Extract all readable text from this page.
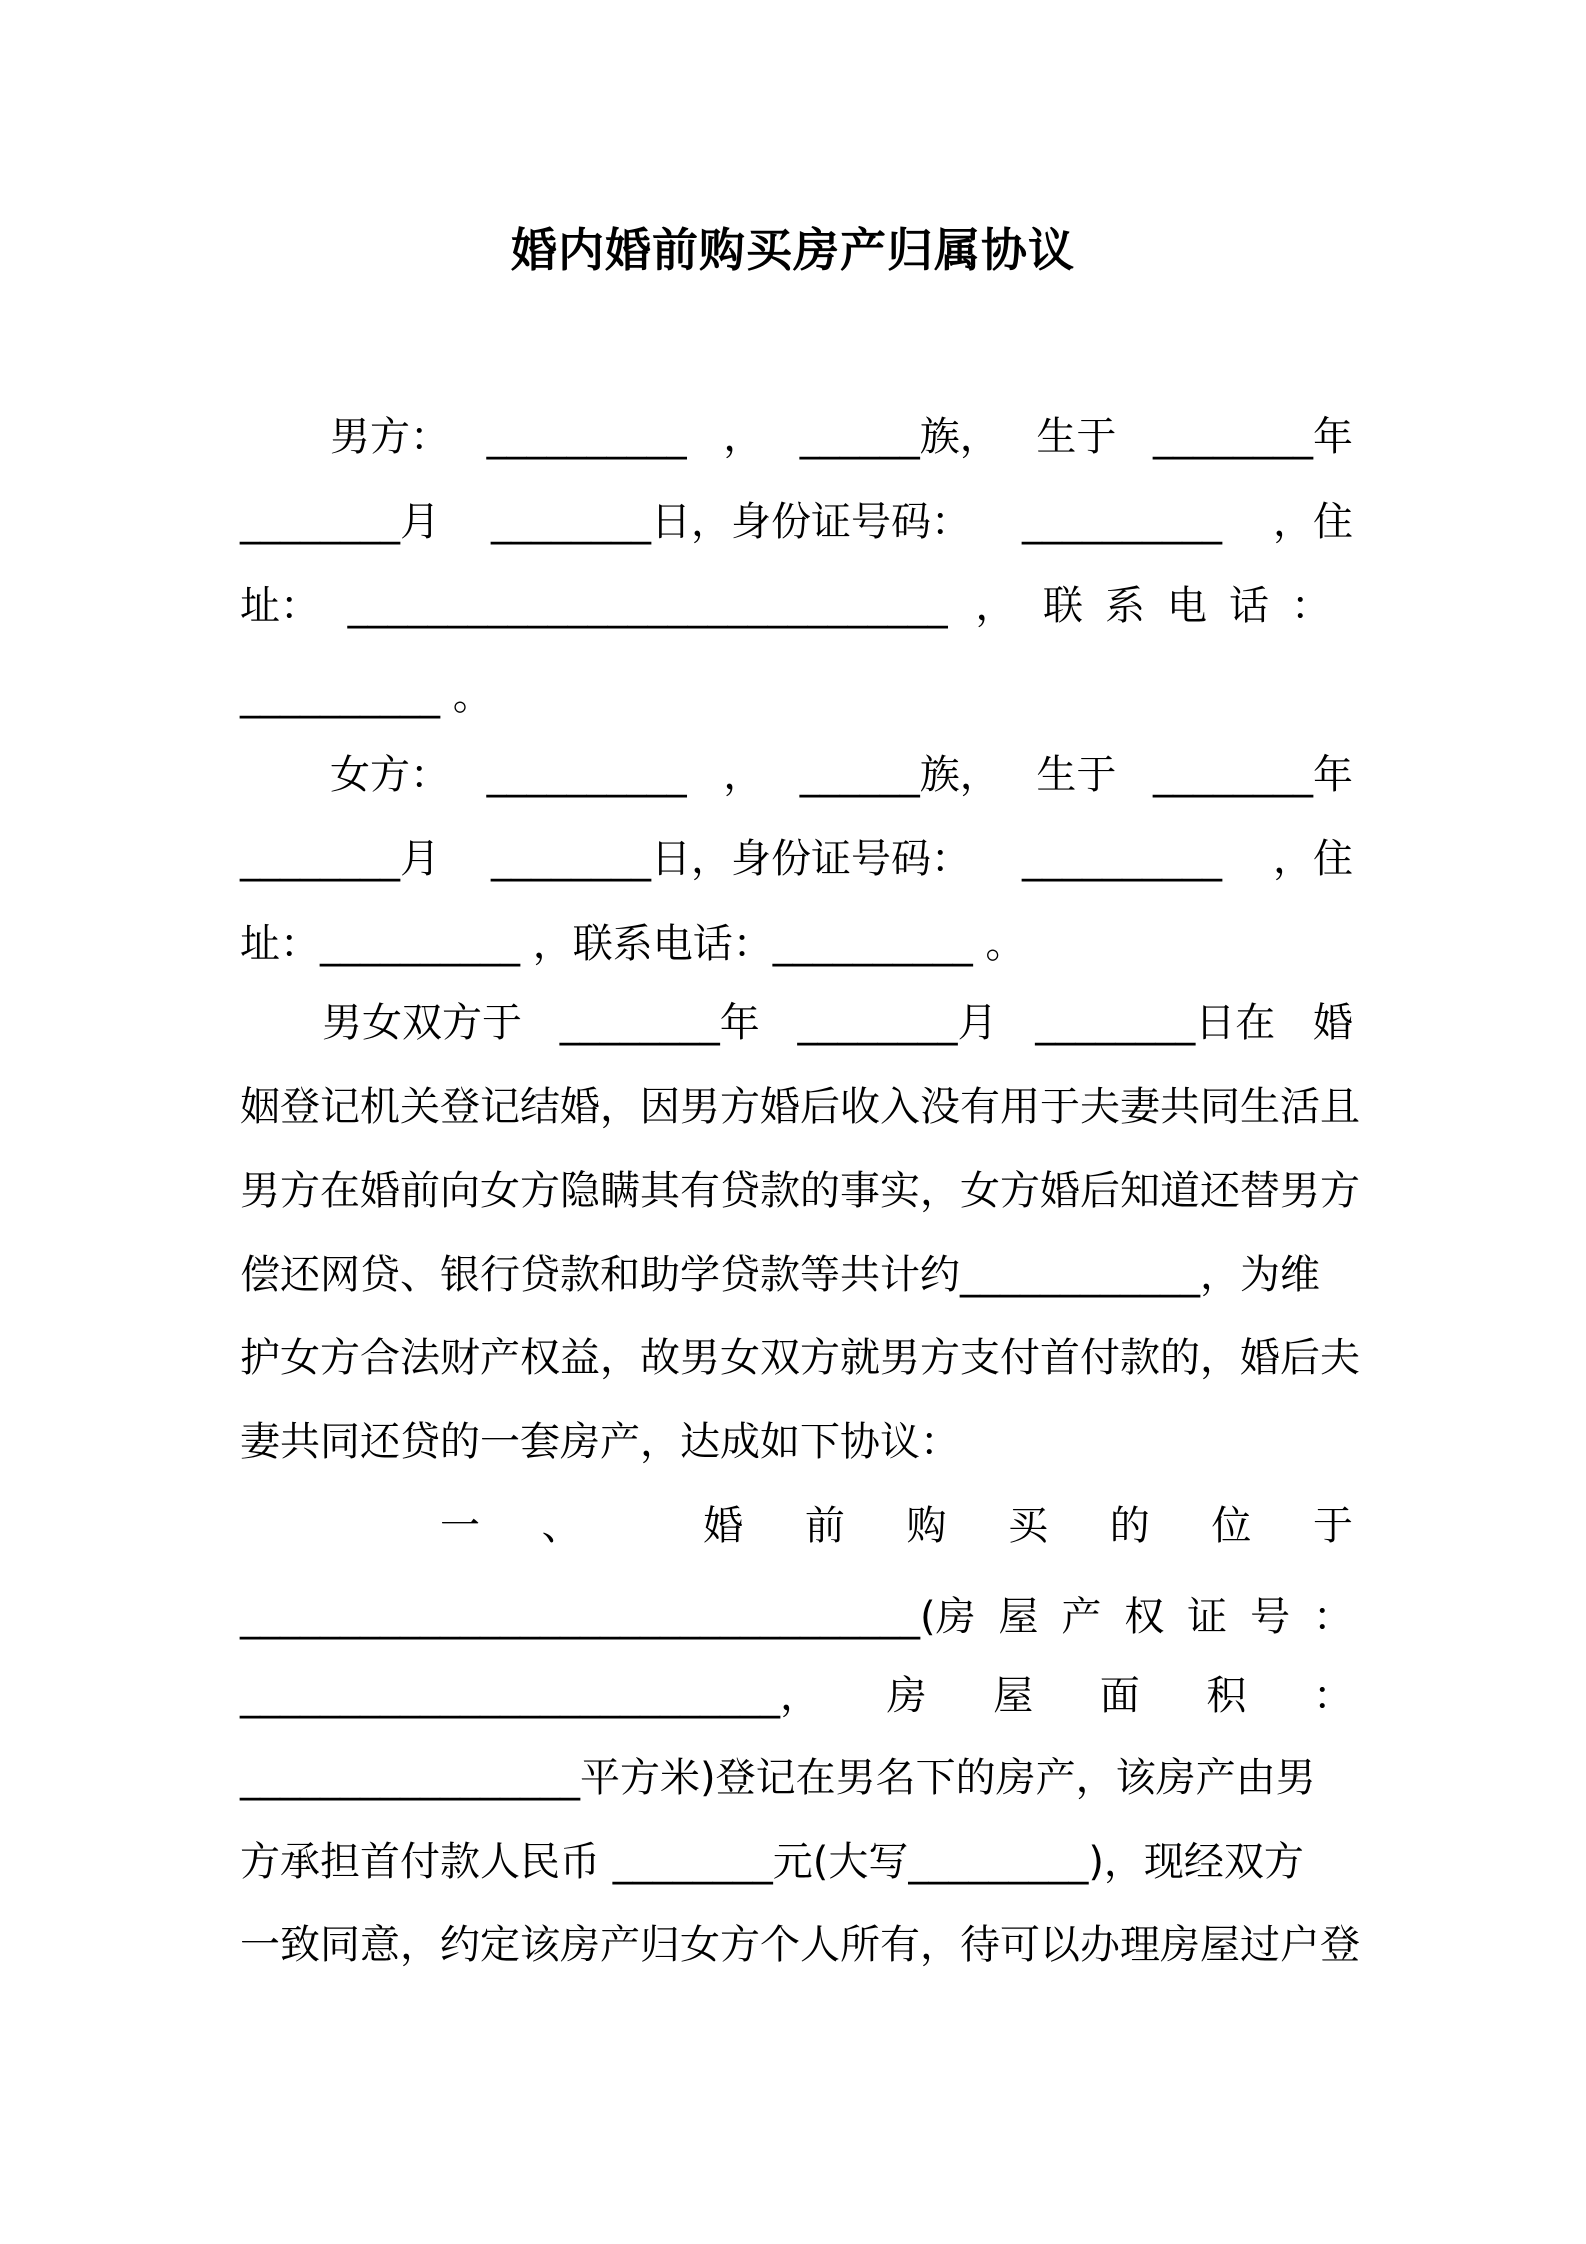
婚内婚前购买房产归属协议
男方： __________ ， ______族， 生于 ________年
________月 ________日，身份证号码： __________ ，住
址： ______________________________ ， 联系电话：
__________ 。
女方： __________ ， ______族， 生于 ________年
________月 ________日，身份证号码： __________ ，住
址：__________ ，联系电话：__________ 。
男女双方于 ________年 ________月 ________日在 婚
姻登记机关登记结婚，因男方婚后收入没有用于夫妻共同生活且
男方在婚前向女方隐瞒其有贷款的事实，女方婚后知道还替男方
偿还网贷、银行贷款和助学贷款等共计约____________，为维
护女方合法财产权益，故男女双方就男方支付首付款的，婚后夫
妻共同还贷的一套房产，达成如下协议：
一 、	婚 前 购 买 的 位 于
__________________________________(房 屋 产 权 证 号 ：
___________________________， 房 屋 面 积 ：
_________________平方米)登记在男名下的房产，该房产由男
方承担首付款人民币 ________元(大写_________)，现经双方
一致同意，约定该房产归女方个人所有，待可以办理房屋过户登
